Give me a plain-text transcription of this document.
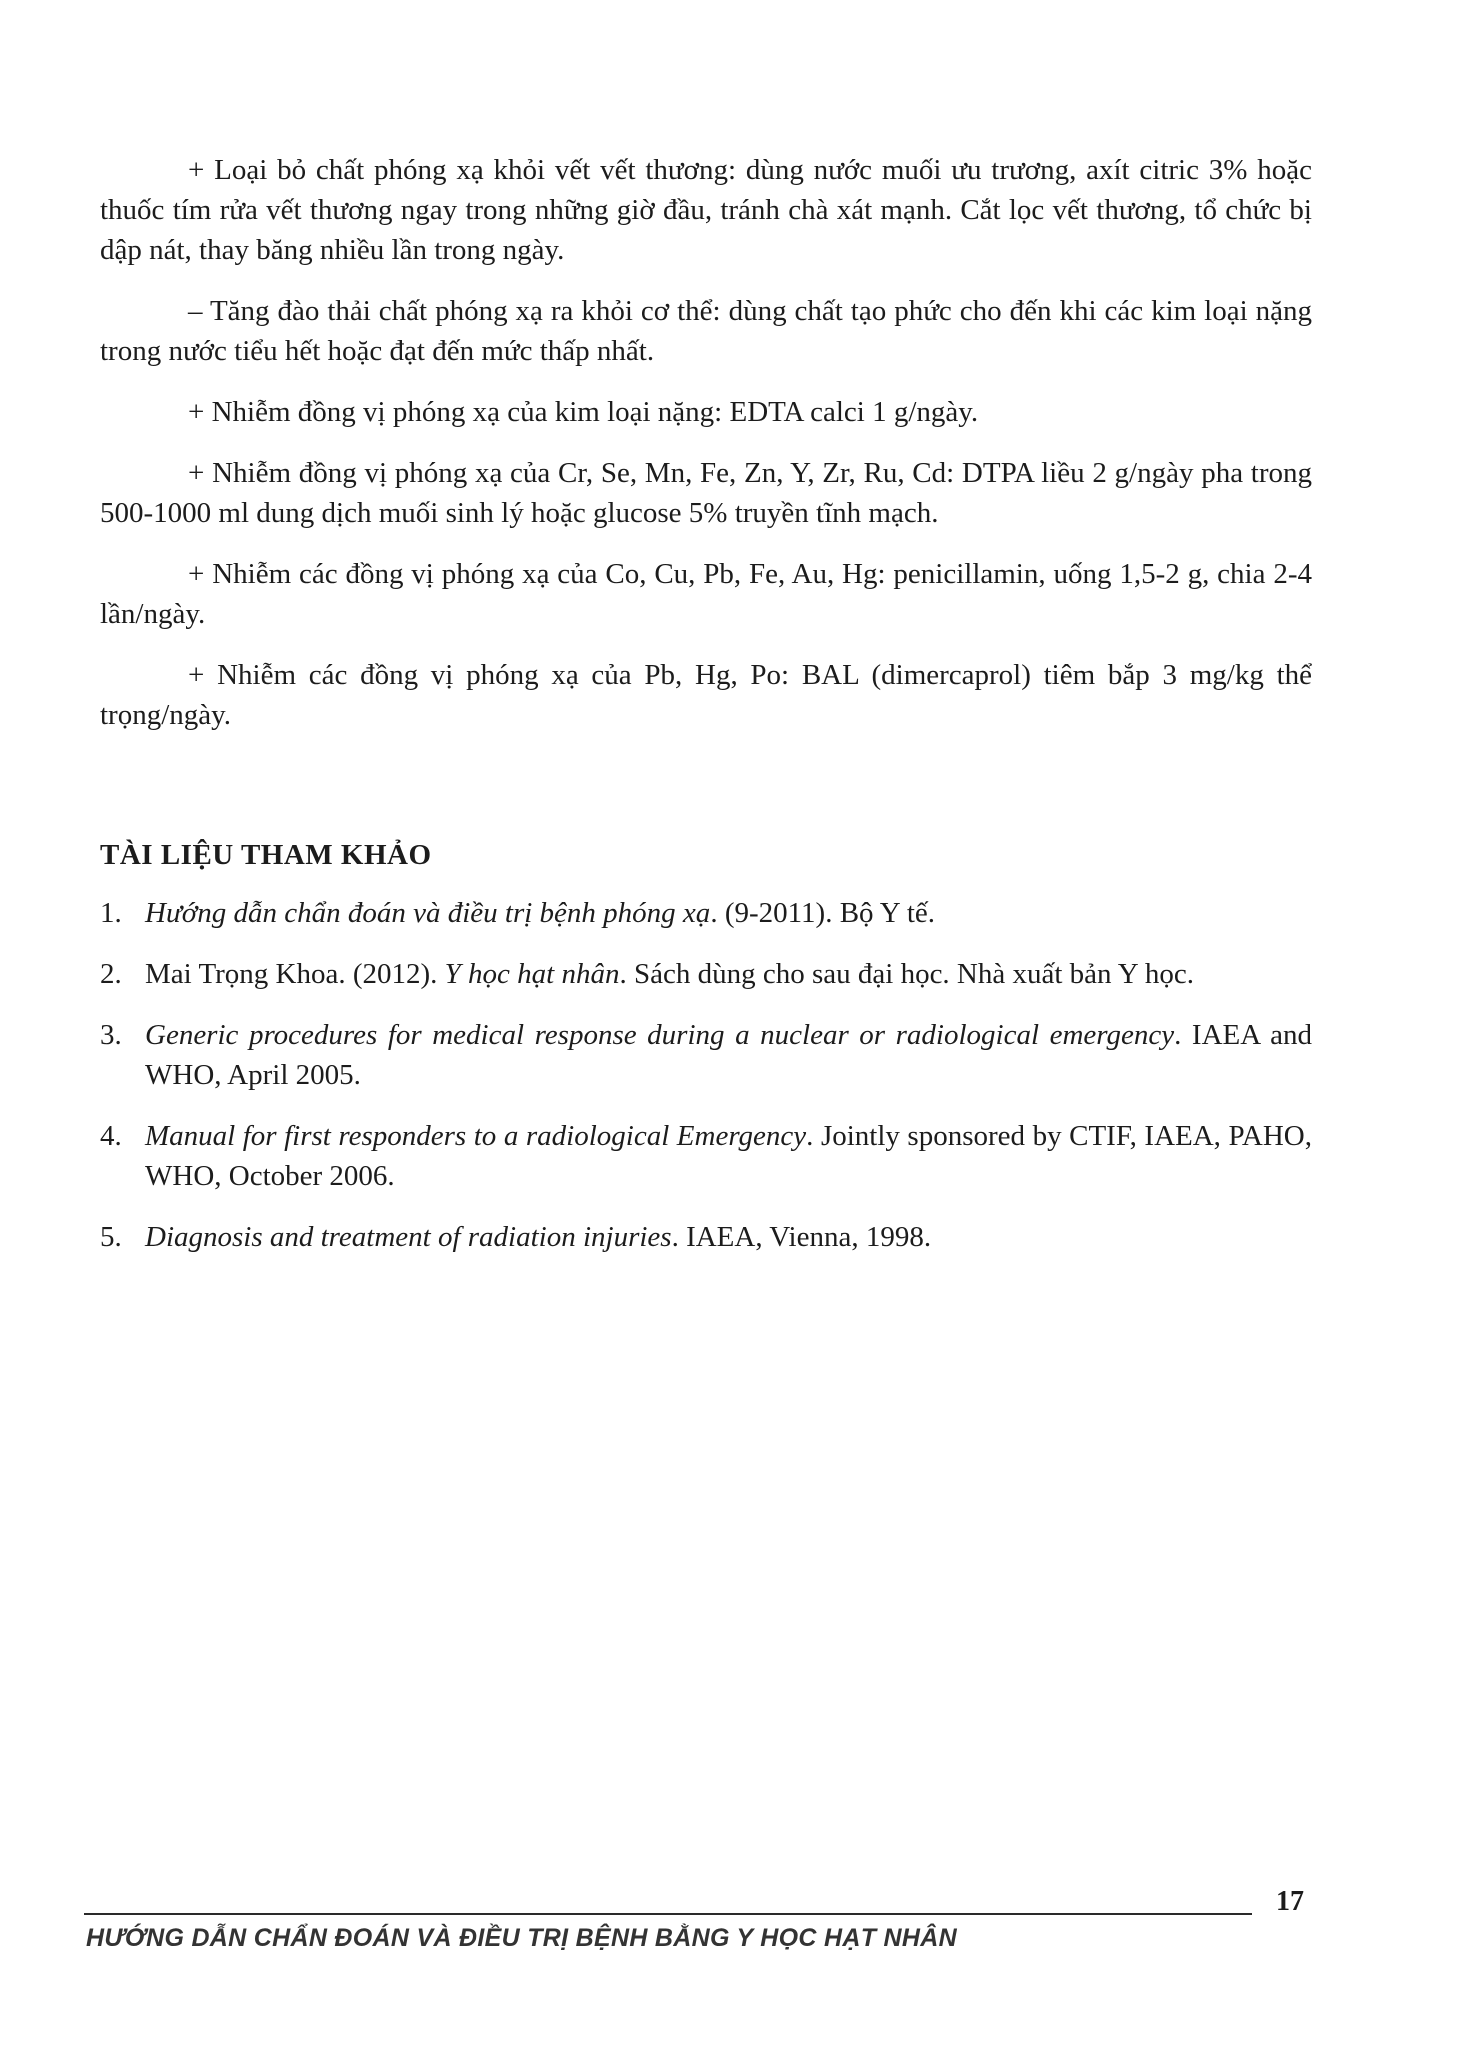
+ Loại bỏ chất phóng xạ khỏi vết vết thương: dùng nước muối ưu trương, axít citric 3% hoặc thuốc tím rửa vết thương ngay trong những giờ đầu, tránh chà xát mạnh. Cắt lọc vết thương, tổ chức bị dập nát, thay băng nhiều lần trong ngày.

– Tăng đào thải chất phóng xạ ra khỏi cơ thể: dùng chất tạo phức cho đến khi các kim loại nặng trong nước tiểu hết hoặc đạt đến mức thấp nhất.

+ Nhiễm đồng vị phóng xạ của kim loại nặng: EDTA calci 1 g/ngày.

+ Nhiễm đồng vị phóng xạ của Cr, Se, Mn, Fe, Zn, Y, Zr, Ru, Cd: DTPA liều 2 g/ngày pha trong 500-1000 ml dung dịch muối sinh lý hoặc glucose 5% truyền tĩnh mạch.

+ Nhiễm các đồng vị phóng xạ của Co, Cu, Pb, Fe, Au, Hg: penicillamin, uống 1,5-2 g, chia 2-4 lần/ngày.

+ Nhiễm các đồng vị phóng xạ của Pb, Hg, Po: BAL (dimercaprol) tiêm bắp 3 mg/kg thể trọng/ngày.

TÀI LIỆU THAM KHẢO
1. Hướng dẫn chẩn đoán và điều trị bệnh phóng xạ. (9-2011). Bộ Y tế.
2. Mai Trọng Khoa. (2012). Y học hạt nhân. Sách dùng cho sau đại học. Nhà xuất bản Y học.
3. Generic procedures for medical response during a nuclear or radiological emergency. IAEA and WHO, April 2005.
4. Manual for first responders to a radiological Emergency. Jointly sponsored by CTIF, IAEA, PAHO, WHO, October 2006.
5. Diagnosis and treatment of radiation injuries. IAEA, Vienna, 1998.
17
HƯỚNG DẪN CHẨN ĐOÁN VÀ ĐIỀU TRỊ BỆNH BẰNG Y HỌC HẠT NHÂN
